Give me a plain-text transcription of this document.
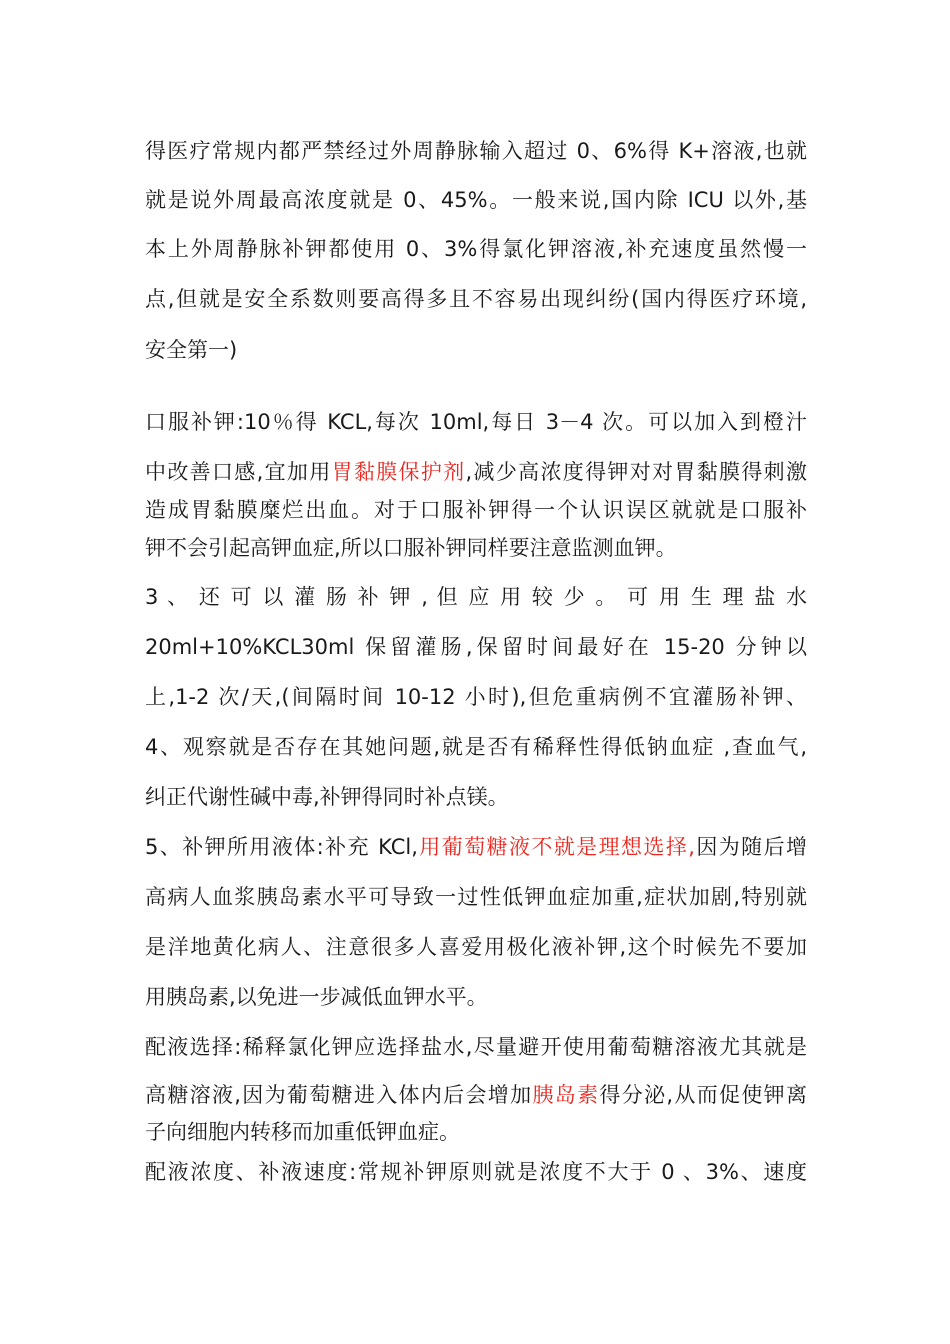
得医疗常规内都严禁经过外周静脉输入超过 0、6%得 K+溶液,也就
就是说外周最高浓度就是 0、45%。一般来说,国内除 ICU 以外,基
本上外周静脉补钾都使用 0、3%得氯化钾溶液,补充速度虽然慢一
点,但就是安全系数则要高得多且不容易出现纠纷(国内得医疗环境,
安全第一)
口服补钾:10％得 KCL,每次 10ml,每日 3－4 次。可以加入到橙汁
中改善口感,宜加用胃黏膜保护剂,减少高浓度得钾对对胃黏膜得刺激
造成胃黏膜糜烂出血。对于口服补钾得一个认识误区就就是口服补
钾不会引起高钾血症,所以口服补钾同样要注意监测血钾。
3 、 还 可 以 灌 肠 补 钾 , 但 应 用 较 少 。 可 用 生 理 盐 水
20ml+10%KCL30ml 保留灌肠,保留时间最好在 15-20 分钟以
上,1-2 次/天,(间隔时间 10-12 小时),但危重病例不宜灌肠补钾、
4、观察就是否存在其她问题,就是否有稀释性得低钠血症 ,查血气,
纠正代谢性碱中毒,补钾得同时补点镁。
5、补钾所用液体:补充 KCl,用葡萄糖液不就是理想选择,因为随后增
高病人血浆胰岛素水平可导致一过性低钾血症加重,症状加剧,特别就
是洋地黄化病人、注意很多人喜爱用极化液补钾,这个时候先不要加
用胰岛素,以免进一步减低血钾水平。
配液选择:稀释氯化钾应选择盐水,尽量避开使用葡萄糖溶液尤其就是
高糖溶液,因为葡萄糖进入体内后会增加胰岛素得分泌,从而促使钾离
子向细胞内转移而加重低钾血症。
配液浓度、补液速度:常规补钾原则就是浓度不大于 0 、3%、速度
